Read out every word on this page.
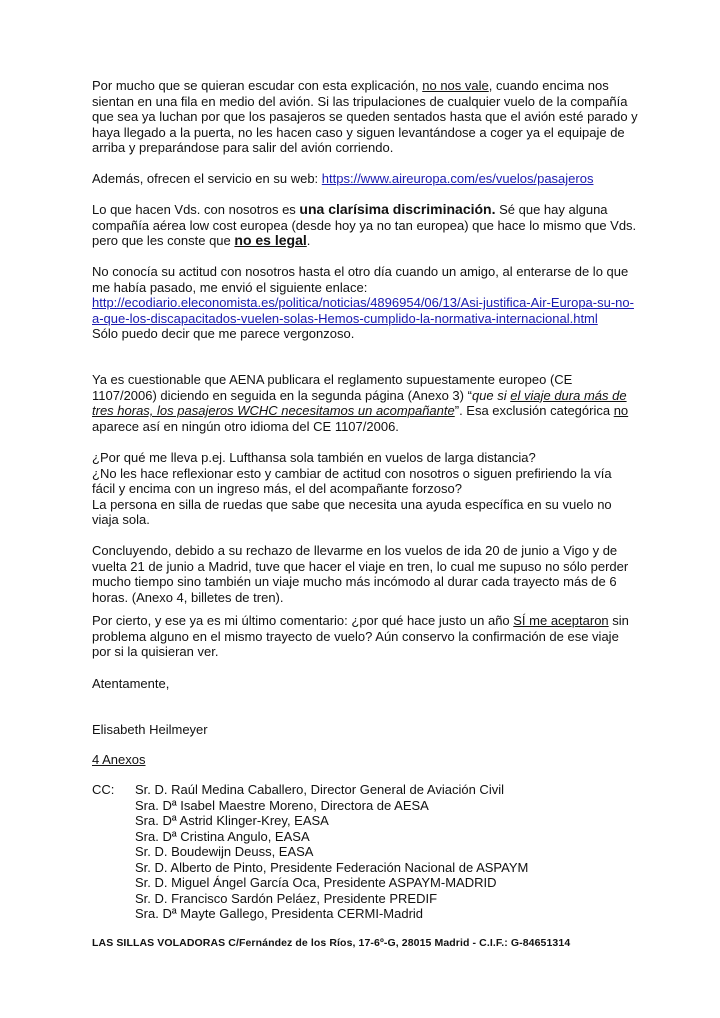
Por mucho que se quieran escudar con esta explicación, no nos vale, cuando encima nos sientan en una fila en medio del avión. Si las tripulaciones de cualquier vuelo de la compañía que sea ya luchan por que los pasajeros se queden sentados hasta que el avión esté parado y haya llegado a la puerta, no les hacen caso y siguen levantándose a coger ya el equipaje de arriba y preparándose para salir del avión corriendo.

Además, ofrecen el servicio en su web: https://www.aireuropa.com/es/vuelos/pasajeros

Lo que hacen Vds. con nosotros es una clarísima discriminación. Sé que hay alguna compañía aérea low cost europea (desde hoy ya no tan europea) que hace lo mismo que Vds. pero que les conste que no es legal.

No conocía su actitud con nosotros hasta el otro día cuando un amigo, al enterarse de lo que me había pasado, me envió el siguiente enlace:
http://ecodiario.eleconomista.es/politica/noticias/4896954/06/13/Asi-justifica-Air-Europa-su-no-a-que-los-discapacitados-vuelen-solas-Hemos-cumplido-la-normativa-internacional.html
Sólo puedo decir que me parece vergonzoso.

Ya es cuestionable que AENA publicara el reglamento supuestamente europeo (CE 1107/2006) diciendo en seguida en la segunda página (Anexo 3) “que si el viaje dura más de tres horas, los pasajeros WCHC necesitamos un acompañante”. Esa exclusión categórica no aparece así en ningún otro idioma del CE 1107/2006.

¿Por qué me lleva p.ej. Lufthansa sola también en vuelos de larga distancia?
¿No les hace reflexionar esto y cambiar de actitud con nosotros o siguen prefiriendo la vía fácil y encima con un ingreso más, el del acompañante forzoso?
La persona en silla de ruedas que sabe que necesita una ayuda específica en su vuelo no viaja sola.

Concluyendo, debido a su rechazo de llevarme en los vuelos de ida 20 de junio a Vigo y de vuelta 21 de junio a Madrid, tuve que hacer el viaje en tren, lo cual me supuso no sólo perder mucho tiempo sino también un viaje mucho más incómodo al durar cada trayecto más de 6 horas. (Anexo 4, billetes de tren).

Por cierto, y ese ya es mi último comentario: ¿por qué hace justo un año SÍ me aceptaron sin problema alguno en el mismo trayecto de vuelo? Aún conservo la confirmación de ese viaje por si la quisieran ver.

Atentamente,

Elisabeth Heilmeyer

4 Anexos

CC: Sr. D. Raúl Medina Caballero, Director General de Aviación Civil
Sra. Dª Isabel Maestre Moreno, Directora de AESA
Sra. Dª Astrid Klinger-Krey, EASA
Sra. Dª Cristina Angulo, EASA
Sr. D. Boudewijn Deuss, EASA
Sr. D. Alberto de Pinto, Presidente Federación Nacional de ASPAYM
Sr. D. Miguel Ángel García Oca, Presidente ASPAYM-MADRID
Sr. D. Francisco Sardón Peláez, Presidente PREDIF
Sra. Dª Mayte Gallego, Presidenta CERMI-Madrid
LAS SILLAS VOLADORAS C/Fernández de los Ríos, 17-6º-G, 28015 Madrid - C.I.F.: G-84651314
